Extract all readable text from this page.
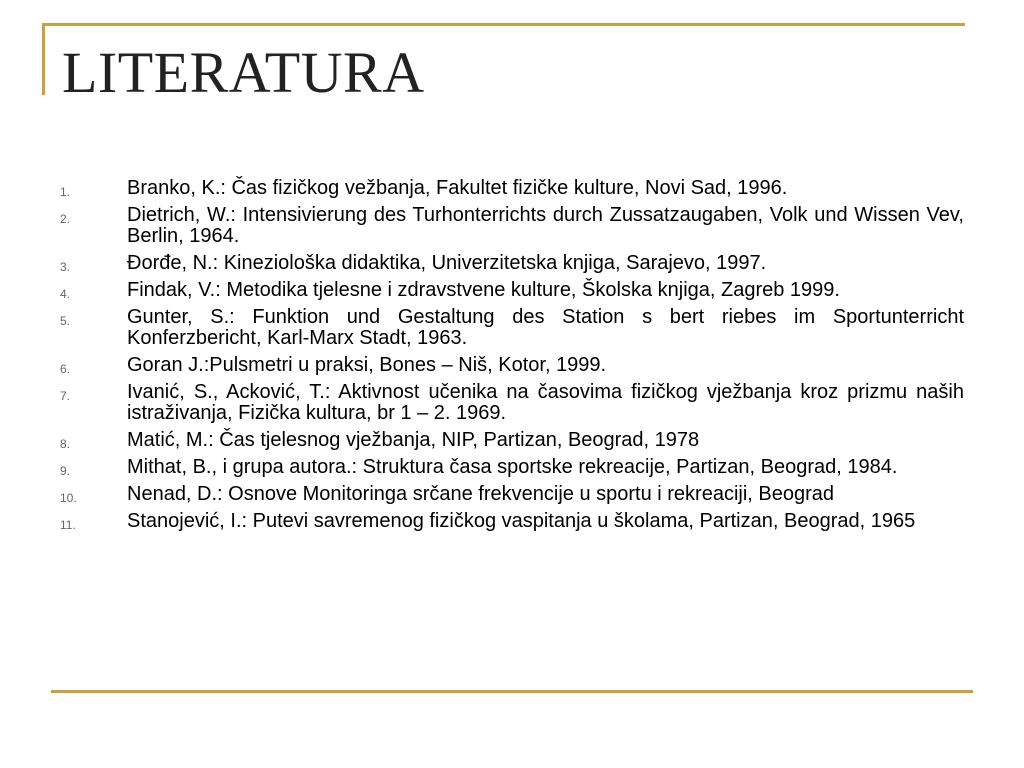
LITERATURA
1.	Branko, K.: Čas fizičkog vežbanja, Fakultet fizičke kulture, Novi Sad, 1996.
2.	Dietrich, W.: Intensivierung des Turhonterrichts durch Zussatzaugaben, Volk und Wissen Vev, Berlin, 1964.
3.	Đorđe, N.: Kineziološka didaktika, Univerzitetska knjiga, Sarajevo, 1997.
4.	Findak, V.: Metodika tjelesne i zdravstvene kulture, Školska knjiga, Zagreb 1999.
5.	Gunter, S.: Funktion und Gestaltung des Station s bert riebes im Sportunterricht Konferzbericht, Karl-Marx Stadt, 1963.
6.	Goran J.:Pulsmetri u praksi, Bones – Niš, Kotor, 1999.
7.	Ivanić, S., Acković, T.: Aktivnost učenika na časovima fizičkog vježbanja kroz prizmu naših istraživanja, Fizička kultura, br 1 – 2. 1969.
8.	Matić, M.: Čas tjelesnog vježbanja, NIP, Partizan, Beograd, 1978
9.	Mithat, B., i grupa autora.: Struktura časa sportske rekreacije, Partizan, Beograd, 1984.
10.	Nenad, D.: Osnove Monitoringa srčane frekvencije u sportu i rekreaciji, Beograd
11.	Stanojević, I.: Putevi savremenog fizičkog vaspitanja u školama, Partizan, Beograd, 1965
